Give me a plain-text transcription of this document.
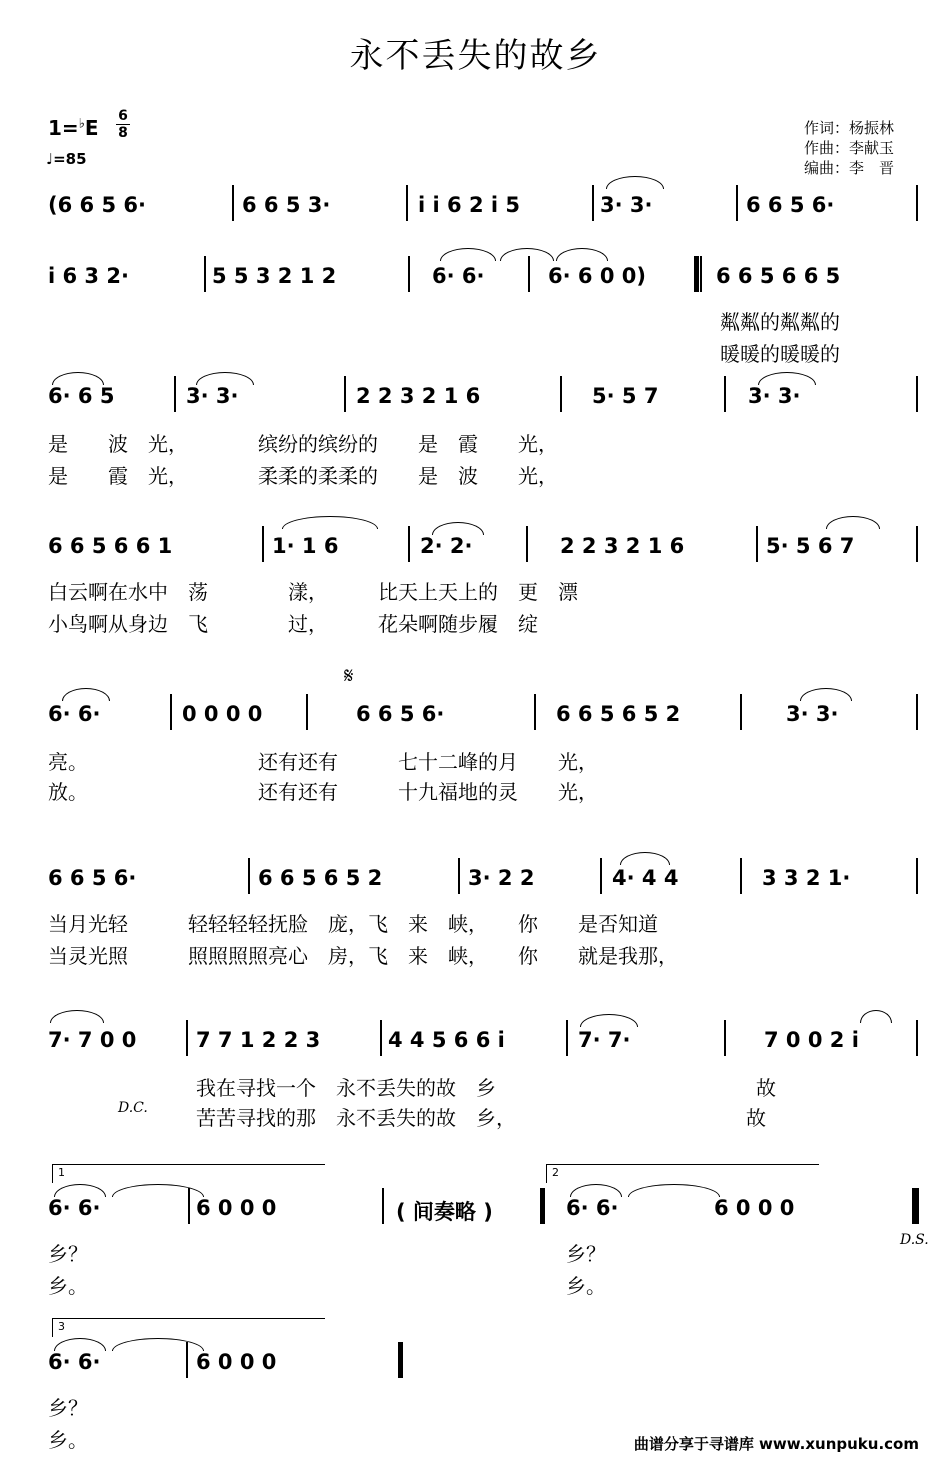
永不丢失的故乡
1=♭E 6
8
♩=85
作词：杨振林
作曲：李献玉
编曲：李　晋
(6 6 5 6·	6 6 5 3·	i i 6 2 i 5	3· 3·	6 6 5 6·
i 6 3 2·	5 5 3 2 1 2	6· 6·	6· 6 0 0)	6 6 5 6 6 5
粼粼的粼粼的
暖暖的暖暖的
6· 6 5	3· 3·	2 2 3 2 1 6	5· 5 7	3· 3·
是　　波　光，　　　　缤纷的缤纷的　　是　霞　　光，
是　　霞　光，　　　　柔柔的柔柔的　　是　波　　光，
6 6 5 6 6 1	1· 1 6	2· 2·	2 2 3 2 1 6	5· 5 6 7
白云啊在水中　荡　　　　漾，　　　比天上天上的　更　漂
小鸟啊从身边　飞　　　　过，　　　花朵啊随步履　绽
6· 6·	0 0 0 0	6 6 5 6·	6 6 5 6 5 2	3· 3·
亮。　　　　　　　　　还有还有　　　七十二峰的月　　光，
放。　　　　　　　　　还有还有　　　十九福地的灵　　光，
6 6 5 6·	6 6 5 6 5 2	3· 2 2	4· 4 4	3 3 2 1·
当月光轻　　　轻轻轻轻抚脸　庞，飞　来　峡，　　你　　是否知道
当灵光照　　　照照照照亮心　房，飞　来　峡，　　你　　就是我那，
7· 7 0 0	7 7 1 2 2 3	4 4 5 6 6 i	7· 7·	7 0 0 2 i
我在寻找一个　永不丢失的故　乡　　　　　　　　　　　　　故
苦苦寻找的那　永不丢失的故　乡，　　　　　　　　　　　　故
6· 6·	6 0 0 0	( 间奏略 )	6· 6·	6 0 0 0
乡？
乡。
乡？
乡。
6· 6·	6 0 0 0
乡？
乡。
𝄋
D.C.
D.S.
1	2
3
曲谱分享于寻谱库 www.xunpuku.com
